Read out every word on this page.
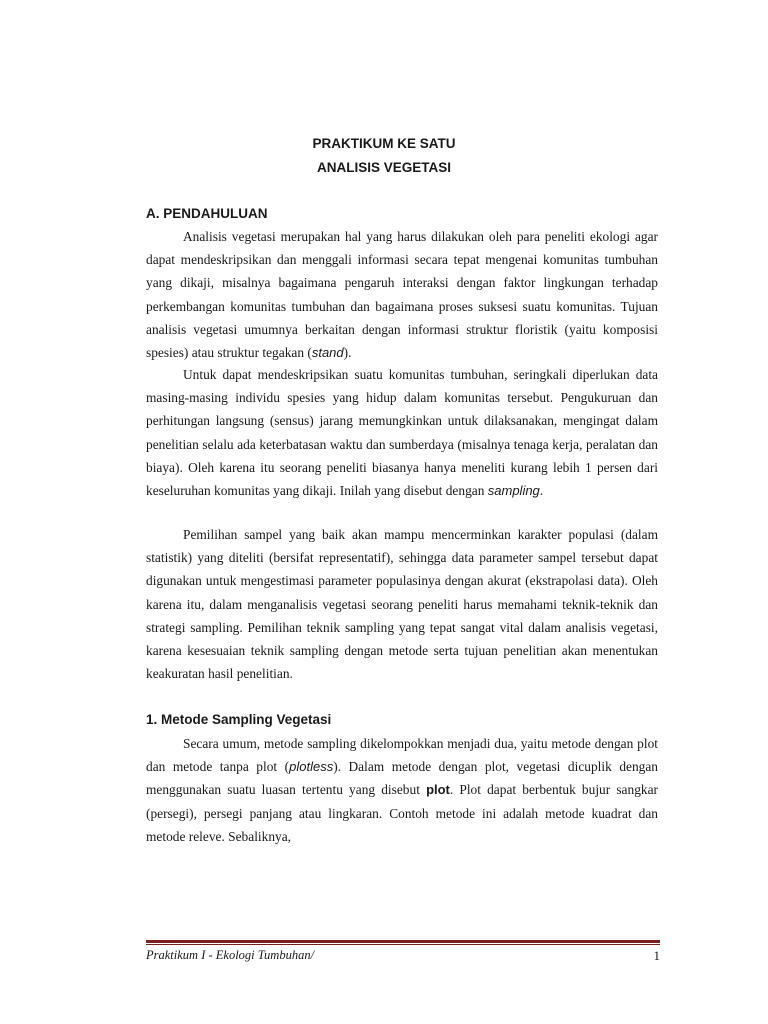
PRAKTIKUM KE SATU
ANALISIS VEGETASI
A. PENDAHULUAN

Analisis vegetasi merupakan hal yang harus dilakukan oleh para peneliti ekologi agar dapat mendeskripsikan dan menggali informasi secara tepat mengenai komunitas tumbuhan yang dikaji, misalnya bagaimana pengaruh interaksi dengan faktor lingkungan terhadap perkembangan komunitas tumbuhan dan bagaimana proses suksesi suatu komunitas. Tujuan analisis vegetasi umumnya berkaitan dengan informasi struktur floristik (yaitu komposisi spesies) atau struktur tegakan (stand).

Untuk dapat mendeskripsikan suatu komunitas tumbuhan, seringkali diperlukan data masing-masing individu spesies yang hidup dalam komunitas tersebut. Pengukuruan dan perhitungan langsung (sensus) jarang memungkinkan untuk dilaksanakan, mengingat dalam penelitian selalu ada keterbatasan waktu dan sumberdaya (misalnya tenaga kerja, peralatan dan biaya). Oleh karena itu seorang peneliti biasanya hanya meneliti kurang lebih 1 persen dari keseluruhan komunitas yang dikaji. Inilah yang disebut dengan sampling.

Pemilihan sampel yang baik akan mampu mencerminkan karakter populasi (dalam statistik) yang diteliti (bersifat representatif), sehingga data parameter sampel tersebut dapat digunakan untuk mengestimasi parameter populasinya dengan akurat (ekstrapolasi data). Oleh karena itu, dalam menganalisis vegetasi seorang peneliti harus memahami teknik-teknik dan strategi sampling. Pemilihan teknik sampling yang tepat sangat vital dalam analisis vegetasi, karena kesesuaian teknik sampling dengan metode serta tujuan penelitian akan menentukan keakuratan hasil penelitian.

1. Metode Sampling Vegetasi

Secara umum, metode sampling dikelompokkan menjadi dua, yaitu metode dengan plot dan metode tanpa plot (plotless). Dalam metode dengan plot, vegetasi dicuplik dengan menggunakan suatu luasan tertentu yang disebut plot. Plot dapat berbentuk bujur sangkar (persegi), persegi panjang atau lingkaran. Contoh metode ini adalah metode kuadrat dan metode releve. Sebaliknya,

Praktikum I - Ekologi Tumbuhan/	1
